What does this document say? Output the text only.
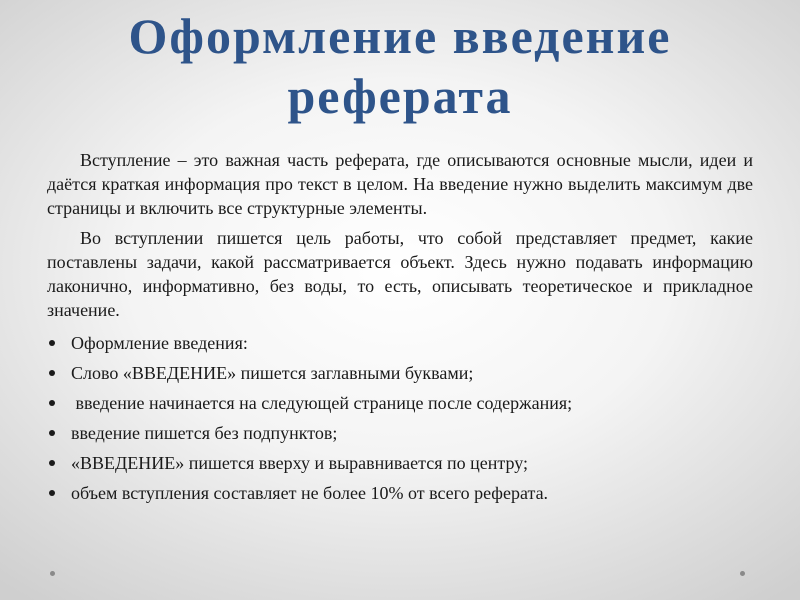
Оформление введение
реферата

Вступление – это важная часть реферата, где описываются основные мысли, идеи и даётся краткая информация про текст в целом. На введение нужно выделить максимум две страницы и включить все структурные элементы.

Во вступлении пишется цель работы, что собой представляет предмет, какие поставлены задачи, какой рассматривается объект. Здесь нужно подавать информацию лаконично, информативно, без воды, то есть, описывать теоретическое и прикладное значение.

Оформление введения:
Слово «ВВЕДЕНИЕ» пишется заглавными буквами;
введение начинается на следующей странице после содержания;
введение пишется без подпунктов;
«ВВЕДЕНИЕ» пишется вверху и выравнивается по центру;
объем вступления составляет не более 10% от всего реферата.
